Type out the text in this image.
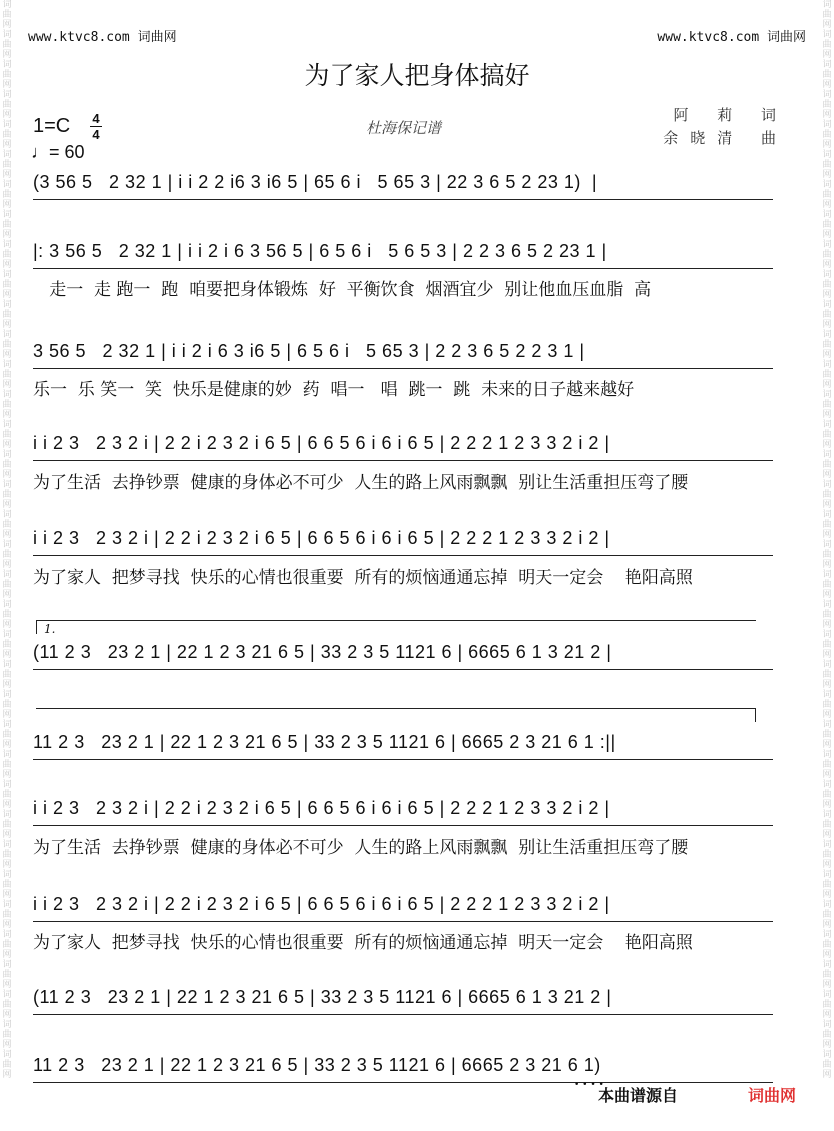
词曲网词曲网词曲网词曲网词曲网词曲网词曲网词曲网词曲网词曲网词曲网词曲网词曲网词曲网词曲网词曲网词曲网词曲网词曲网词曲网词曲网词曲网词曲网词曲网词曲网词曲网词曲网词曲网词曲网词曲网词曲网词曲网词曲网词曲网词曲网词曲网
词曲网词曲网词曲网词曲网词曲网词曲网词曲网词曲网词曲网词曲网词曲网词曲网词曲网词曲网词曲网词曲网词曲网词曲网词曲网词曲网词曲网词曲网词曲网词曲网词曲网词曲网词曲网词曲网词曲网词曲网词曲网词曲网词曲网词曲网词曲网词曲网
www.ktvc8.com 词曲网	www.ktvc8.com 词曲网
为了家人把身体搞好
1=C 4
4
♩= 60
杜海保记谱
阿 莉 词
余晓清 曲
(3 56 5   2 32 1 | i i 2 2 i6 3 i6 5 | 65 6 i   5 65 3 | 22 3 6 5 2 23 1)  |
|: 3 56 5   2 32 1 | i i 2 i 6 3 56 5 | 6 5 6 i   5 6 5 3 | 2 2 3 6 5 2 23 1 |
走一  走 跑一  跑  咱要把身体锻炼  好  平衡饮食  烟酒宜少  别让他血压血脂  高
3 56 5   2 32 1 | i i 2 i 6 3 i6 5 | 6 5 6 i   5 65 3 | 2 2 3 6 5 2 2 3 1 |
乐一  乐 笑一  笑  快乐是健康的妙  药  唱一   唱  跳一  跳  未来的日子越来越好
i i 2 3   2 3 2 i | 2 2 i 2 3 2 i 6 5 | 6 6 5 6 i 6 i 6 5 | 2 2 2 1 2 3 3 2 i 2 |
为了生活  去挣钞票  健康的身体必不可少  人生的路上风雨飘飘  别让生活重担压弯了腰
i i 2 3   2 3 2 i | 2 2 i 2 3 2 i 6 5 | 6 6 5 6 i 6 i 6 5 | 2 2 2 1 2 3 3 2 i 2 |
为了家人  把梦寻找  快乐的心情也很重要  所有的烦恼通通忘掉  明天一定会    艳阳高照
1.
(11 2 3   23 2 1 | 22 1 2 3 21 6 5 | 33 2 3 5 1121 6 | 6665 6 1 3 21 2 |
11 2 3   23 2 1 | 22 1 2 3 21 6 5 | 33 2 3 5 1121 6 | 6665 2 3 21 6 1 :||
i i 2 3   2 3 2 i | 2 2 i 2 3 2 i 6 5 | 6 6 5 6 i 6 i 6 5 | 2 2 2 1 2 3 3 2 i 2 |
为了生活  去挣钞票  健康的身体必不可少  人生的路上风雨飘飘  别让生活重担压弯了腰
i i 2 3   2 3 2 i | 2 2 i 2 3 2 i 6 5 | 6 6 5 6 i 6 i 6 5 | 2 2 2 1 2 3 3 2 i 2 |
为了家人  把梦寻找  快乐的心情也很重要  所有的烦恼通通忘掉  明天一定会    艳阳高照
(11 2 3   23 2 1 | 22 1 2 3 21 6 5 | 33 2 3 5 1121 6 | 6665 6 1 3 21 2 |
11 2 3   23 2 1 | 22 1 2 3 21 6 5 | 33 2 3 5 1121 6 | 6665 2 3 21 6 1)
• • • •
本曲谱源自	词曲网
